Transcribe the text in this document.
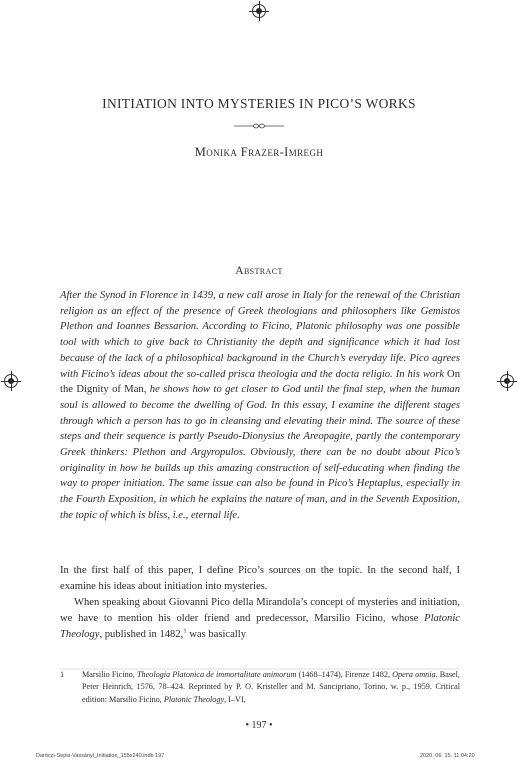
INITIATION INTO MYSTERIES IN PICO’S WORKS
Monika Frazer-Imregh
Abstract

After the Synod in Florence in 1439, a new call arose in Italy for the renewal of the Christian religion as an effect of the presence of Greek theologians and philosophers like Gemistos Plethon and Ioannes Bessarion. According to Ficino, Platonic philosophy was one possible tool with which to give back to Christianity the depth and significance which it had lost because of the lack of a philosophical background in the Church’s everyday life. Pico agrees with Ficino’s ideas about the so-called prisca theologia and the docta religio. In his work On the Dignity of Man, he shows how to get closer to God until the final step, when the human soul is allowed to become the dwelling of God. In this essay, I examine the different stages through which a person has to go in cleansing and elevating their mind. The source of these steps and their sequence is partly Pseudo-Dionysius the Areopagite, partly the contemporary Greek thinkers: Plethon and Argyropulos. Obviously, there can be no doubt about Pico’s originality in how he builds up this amazing construction of self-educating when finding the way to proper initiation. The same issue can also be found in Pico’s Heptaplus, especially in the Fourth Exposition, in which he explains the nature of man, and in the Seventh Exposition, the topic of which is bliss, i.e., eternal life.

In the first half of this paper, I define Pico’s sources on the topic. In the second half, I examine his ideas about initiation into mysteries.

When speaking about Giovanni Pico della Mirandola’s concept of mysteries and initiation, we have to mention his older friend and predecessor, Marsilio Ficino, whose Platonic Theology, published in 1482,$^1$ was basically

1 Marsilio Ficino, Theologia Platonica de immortalitate animorum (1468–1474), Firenze 1482, Opera omnia. Basel, Peter Heinrich, 1576, 78–424. Reprinted by P. O. Kristeller and M. Sancipriano, Torino, w. p., 1959. Critical edition: Marsilio Ficino, Platonic Theology, I–VI,
• 197 •
Daróczi-Sepsi-Vassányi_Initiation_155x240.indb 197	2020. 06. 15. 11:04:20
